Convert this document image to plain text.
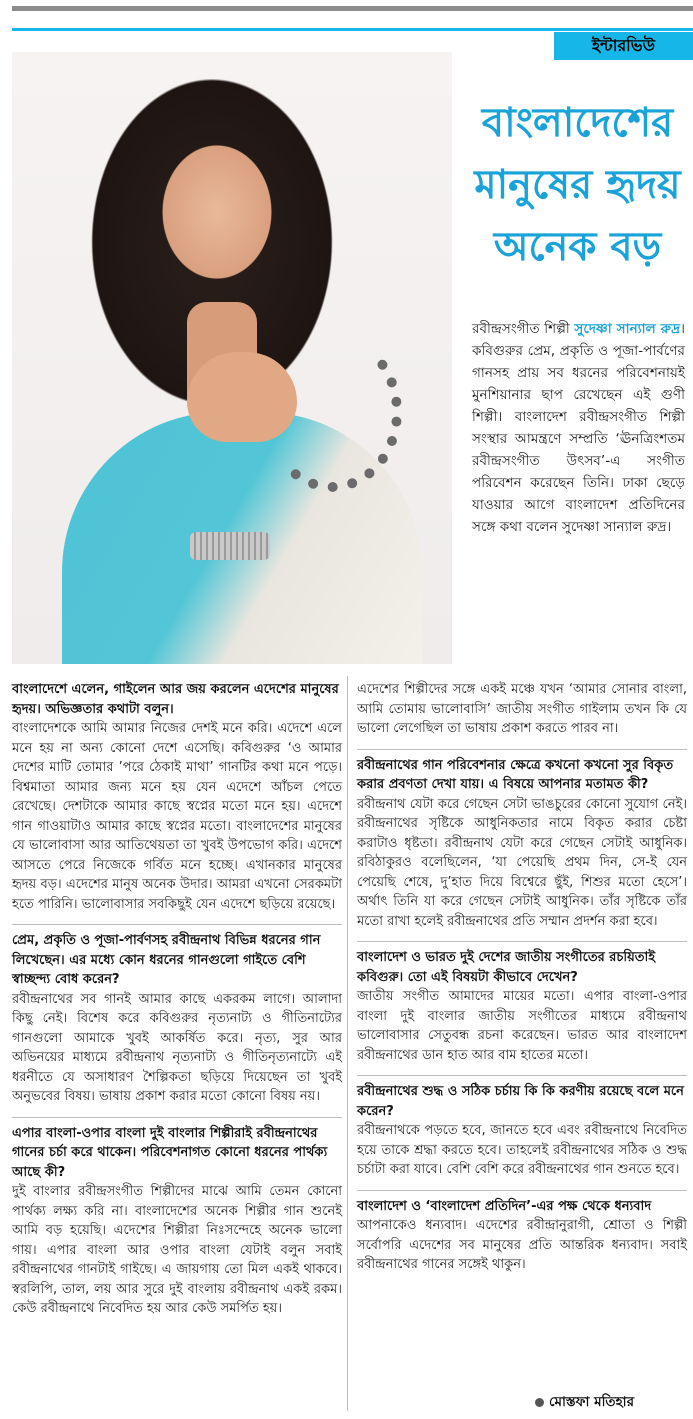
ইন্টারভিউ
বাংলাদেশের
মানুষের হৃদয়
অনেক বড়

রবীন্দ্রসংগীত শিল্পী সুদেষ্ণা সান্যাল রুদ্র। কবিগুরুর প্রেম, প্রকৃতি ও পূজা-পার্বণের গানসহ প্রায় সব ধরনের পরিবেশনায়ই মুনশিয়ানার ছাপ রেখেছেন এই গুণী শিল্পী। বাংলাদেশ রবীন্দ্রসংগীত শিল্পী সংস্থার আমন্ত্রণে সম্প্রতি ‘ঊনত্রিংশতম রবীন্দ্রসংগীত উৎসব’-এ সংগীত পরিবেশন করেছেন তিনি। ঢাকা ছেড়ে যাওয়ার আগে বাংলাদেশ প্রতিদিনের সঙ্গে কথা বলেন সুদেষ্ণা সান্যাল রুদ্র।

বাংলাদেশে এলেন, গাইলেন আর জয় করলেন এদেশের মানুষের হৃদয়। অভিজ্ঞতার কথাটা বলুন।
বাংলাদেশকে আমি আমার নিজের দেশই মনে করি। এদেশে এলে মনে হয় না অন্য কোনো দেশে এসেছি। কবিগুরুর ‘ও আমার দেশের মাটি তোমার ’পরে ঠেকাই মাথা’ গানটির কথা মনে পড়ে। বিশ্বমাতা আমার জন্য মনে হয় যেন এদেশে আঁচল পেতে রেখেছে। দেশটাকে আমার কাছে স্বপ্নের মতো মনে হয়। এদেশে গান গাওয়াটাও আমার কাছে স্বপ্নের মতো। বাংলাদেশের মানুষের যে ভালোবাসা আর আতিথেয়তা তা খুবই উপভোগ করি। এদেশে আসতে পেরে নিজেকে গর্বিত মনে হচ্ছে। এখানকার মানুষের হৃদয় বড়। এদেশের মানুষ অনেক উদার। আমরা এখনো সেরকমটা হতে পারিনি। ভালোবাসার সবকিছুই যেন এদেশে ছড়িয়ে রয়েছে।
প্রেম, প্রকৃতি ও পূজা-পার্বণসহ রবীন্দ্রনাথ বিভিন্ন ধরনের গান লিখেছেন। এর মধ্যে কোন ধরনের গানগুলো গাইতে বেশি স্বাচ্ছন্দ্য বোধ করেন?
রবীন্দ্রনাথের সব গানই আমার কাছে একরকম লাগে। আলাদা কিছু নেই। বিশেষ করে কবিগুরুর নৃত্যনাট্য ও গীতিনাট্যের গানগুলো আমাকে খুবই আকর্ষিত করে। নৃত্য, সুর আর অভিনয়ের মাধ্যমে রবীন্দ্রনাথ নৃত্যনাট্য ও গীতিনৃত্যনাট্যে এই ধরনীতে যে অসাধারণ শৈল্পিকতা ছড়িয়ে দিয়েছেন তা খুবই অনুভবের বিষয়। ভাষায় প্রকাশ করার মতো কোনো বিষয় নয়।
এপার বাংলা-ওপার বাংলা দুই বাংলার শিল্পীরাই রবীন্দ্রনাথের গানের চর্চা করে থাকেন। পরিবেশনাগত কোনো ধরনের পার্থক্য আছে কী?
দুই বাংলার রবীন্দ্রসংগীত শিল্পীদের মাঝে আমি তেমন কোনো পার্থক্য লক্ষ্য করি না। বাংলাদেশের অনেক শিল্পীর গান শুনেই আমি বড় হয়েছি। এদেশের শিল্পীরা নিঃসন্দেহে অনেক ভালো গায়। এপার বাংলা আর ওপার বাংলা যেটাই বলুন সবাই রবীন্দ্রনাথের গানটাই গাইছে। এ জায়গায় তো মিল একই থাকবে। স্বরলিপি, তাল, লয় আর সুরে দুই বাংলায় রবীন্দ্রনাথ একই রকম। কেউ রবীন্দ্রনাথে নিবেদিত হয় আর কেউ সমর্পিত হয়।
এদেশের শিল্পীদের সঙ্গে একই মঞ্চে যখন ‘আমার সোনার বাংলা, আমি তোমায় ভালোবাসি’ জাতীয় সংগীত গাইলাম তখন কি যে ভালো লেগেছিল তা ভাষায় প্রকাশ করতে পারব না।
রবীন্দ্রনাথের গান পরিবেশনার ক্ষেত্রে কখনো কখনো সুর বিকৃত করার প্রবণতা দেখা যায়। এ বিষয়ে আপনার মতামত কী?
রবীন্দ্রনাথ যেটা করে গেছেন সেটা ভাঙচুরের কোনো সুযোগ নেই। রবীন্দ্রনাথের সৃষ্টিকে আধুনিকতার নামে বিকৃত করার চেষ্টা করাটাও ধৃষ্টতা। রবীন্দ্রনাথ যেটা করে গেছেন সেটাই আধুনিক। রবিঠাকুরও বলেছিলেন, ‘যা পেয়েছি প্রথম দিন, সে-ই যেন পেয়েছি শেষে, দু’হাত দিয়ে বিশ্বেরে ছুঁই, শিশুর মতো হেসে’। অর্থাৎ তিনি যা করে গেছেন সেটাই আধুনিক। তাঁর সৃষ্টিকে তাঁর মতো রাখা হলেই রবীন্দ্রনাথের প্রতি সম্মান প্রদর্শন করা হবে।
বাংলাদেশ ও ভারত দুই দেশের জাতীয় সংগীতের রচয়িতাই কবিগুরু। তো এই বিষয়টা কীভাবে দেখেন?
জাতীয় সংগীত আমাদের মায়ের মতো। এপার বাংলা-ওপার বাংলা দুই বাংলার জাতীয় সংগীতের মাধ্যমে রবীন্দ্রনাথ ভালোবাসার সেতুবন্ধ রচনা করেছেন। ভারত আর বাংলাদেশ রবীন্দ্রনাথের ডান হাত আর বাম হাতের মতো।
রবীন্দ্রনাথের শুদ্ধ ও সঠিক চর্চায় কি কি করণীয় রয়েছে বলে মনে করেন?
রবীন্দ্রনাথকে পড়তে হবে, জানতে হবে এবং রবীন্দ্রনাথে নিবেদিত হয়ে তাকে শ্রদ্ধা করতে হবে। তাহলেই রবীন্দ্রনাথের সঠিক ও শুদ্ধ চর্চাটা করা যাবে। বেশি বেশি করে রবীন্দ্রনাথের গান শুনতে হবে।
বাংলাদেশ ও ‘বাংলাদেশ প্রতিদিন’-এর পক্ষ থেকে ধন্যবাদ
আপনাকেও ধন্যবাদ। এদেশের রবীন্দ্রানুরাগী, শ্রোতা ও শিল্পী সর্বোপরি এদেশের সব মানুষের প্রতি আন্তরিক ধন্যবাদ। সবাই রবীন্দ্রনাথের গানের সঙ্গেই থাকুন।
মোস্তফা মতিহার
